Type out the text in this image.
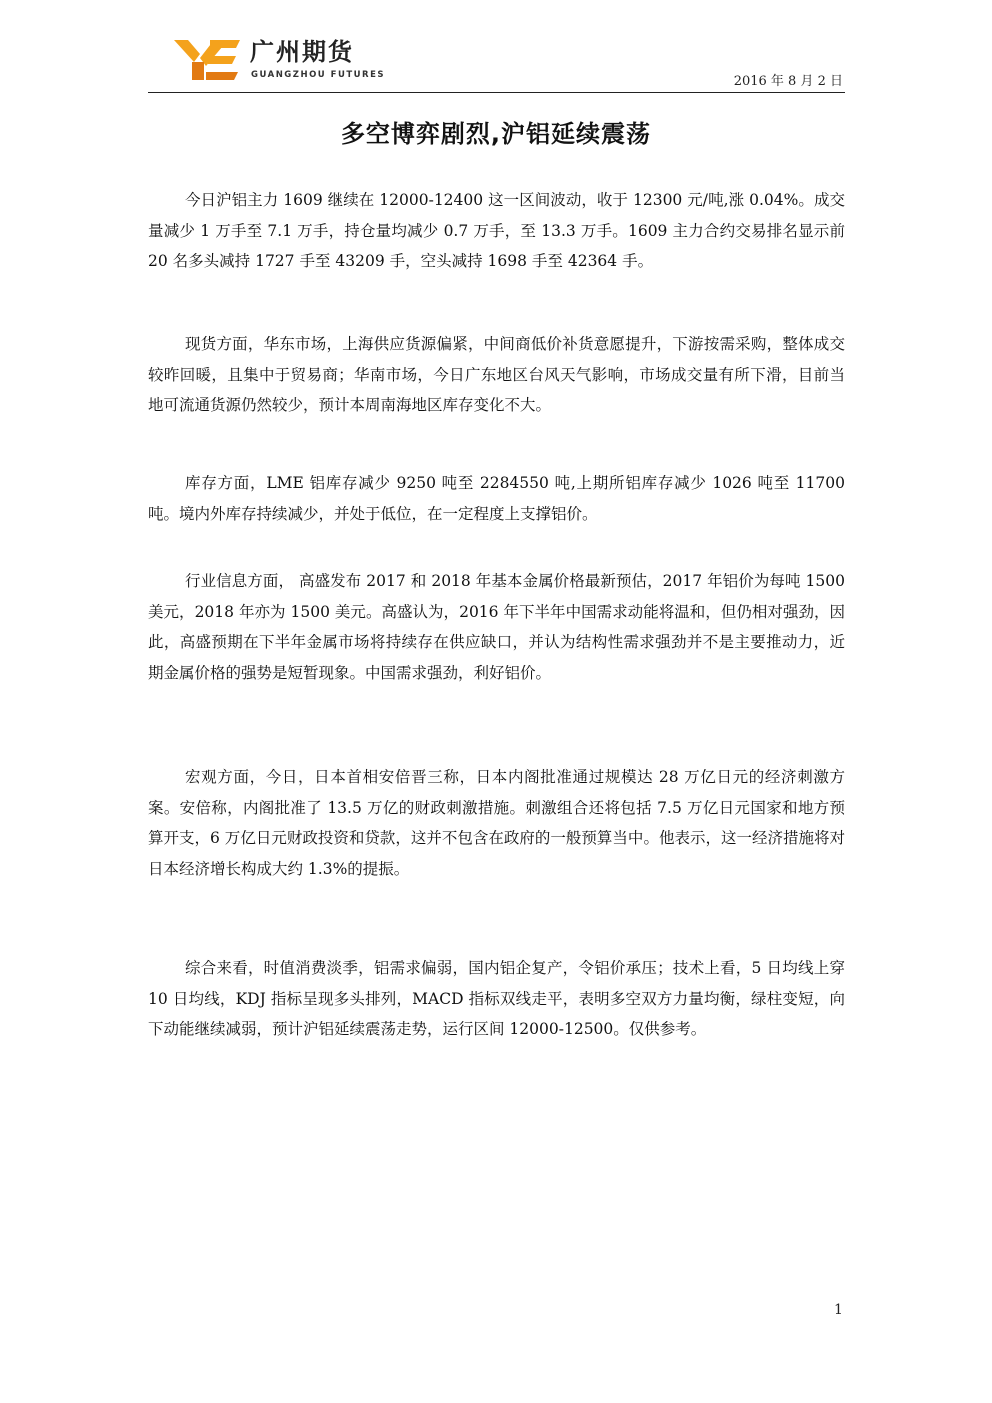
广州期货
GUANGZHOU FUTURES	2016 年 8 月 2 日
多空博弈剧烈,沪铝延续震荡

今日沪铝主力 1609 继续在 12000-12400 这一区间波动，收于 12300 元/吨,涨 0.04%。成交量减少 1 万手至 7.1 万手，持仓量均减少 0.7 万手，至 13.3 万手。1609 主力合约交易排名显示前 20 名多头减持 1727 手至 43209 手，空头减持 1698 手至 42364 手。

现货方面，华东市场，上海供应货源偏紧，中间商低价补货意愿提升，下游按需采购，整体成交较昨回暖，且集中于贸易商；华南市场，今日广东地区台风天气影响，市场成交量有所下滑，目前当地可流通货源仍然较少，预计本周南海地区库存变化不大。

库存方面，LME 铝库存减少 9250 吨至 2284550 吨,上期所铝库存减少 1026 吨至 11700 吨。境内外库存持续减少，并处于低位，在一定程度上支撑铝价。

行业信息方面， 高盛发布 2017 和 2018 年基本金属价格最新预估，2017 年铝价为每吨 1500 美元，2018 年亦为 1500 美元。高盛认为，2016 年下半年中国需求动能将温和，但仍相对强劲，因此，高盛预期在下半年金属市场将持续存在供应缺口，并认为结构性需求强劲并不是主要推动力，近期金属价格的强势是短暂现象。中国需求强劲，利好铝价。

宏观方面，今日，日本首相安倍晋三称，日本内阁批准通过规模达 28 万亿日元的经济刺激方案。安倍称，内阁批准了 13.5 万亿的财政刺激措施。刺激组合还将包括 7.5 万亿日元国家和地方预算开支，6 万亿日元财政投资和贷款，这并不包含在政府的一般预算当中。他表示，这一经济措施将对日本经济增长构成大约 1.3%的提振。

综合来看，时值消费淡季，铝需求偏弱，国内铝企复产，令铝价承压；技术上看，5 日均线上穿 10 日均线，KDJ 指标呈现多头排列，MACD 指标双线走平，表明多空双方力量均衡，绿柱变短，向下动能继续减弱，预计沪铝延续震荡走势，运行区间 12000-12500。仅供参考。

1
